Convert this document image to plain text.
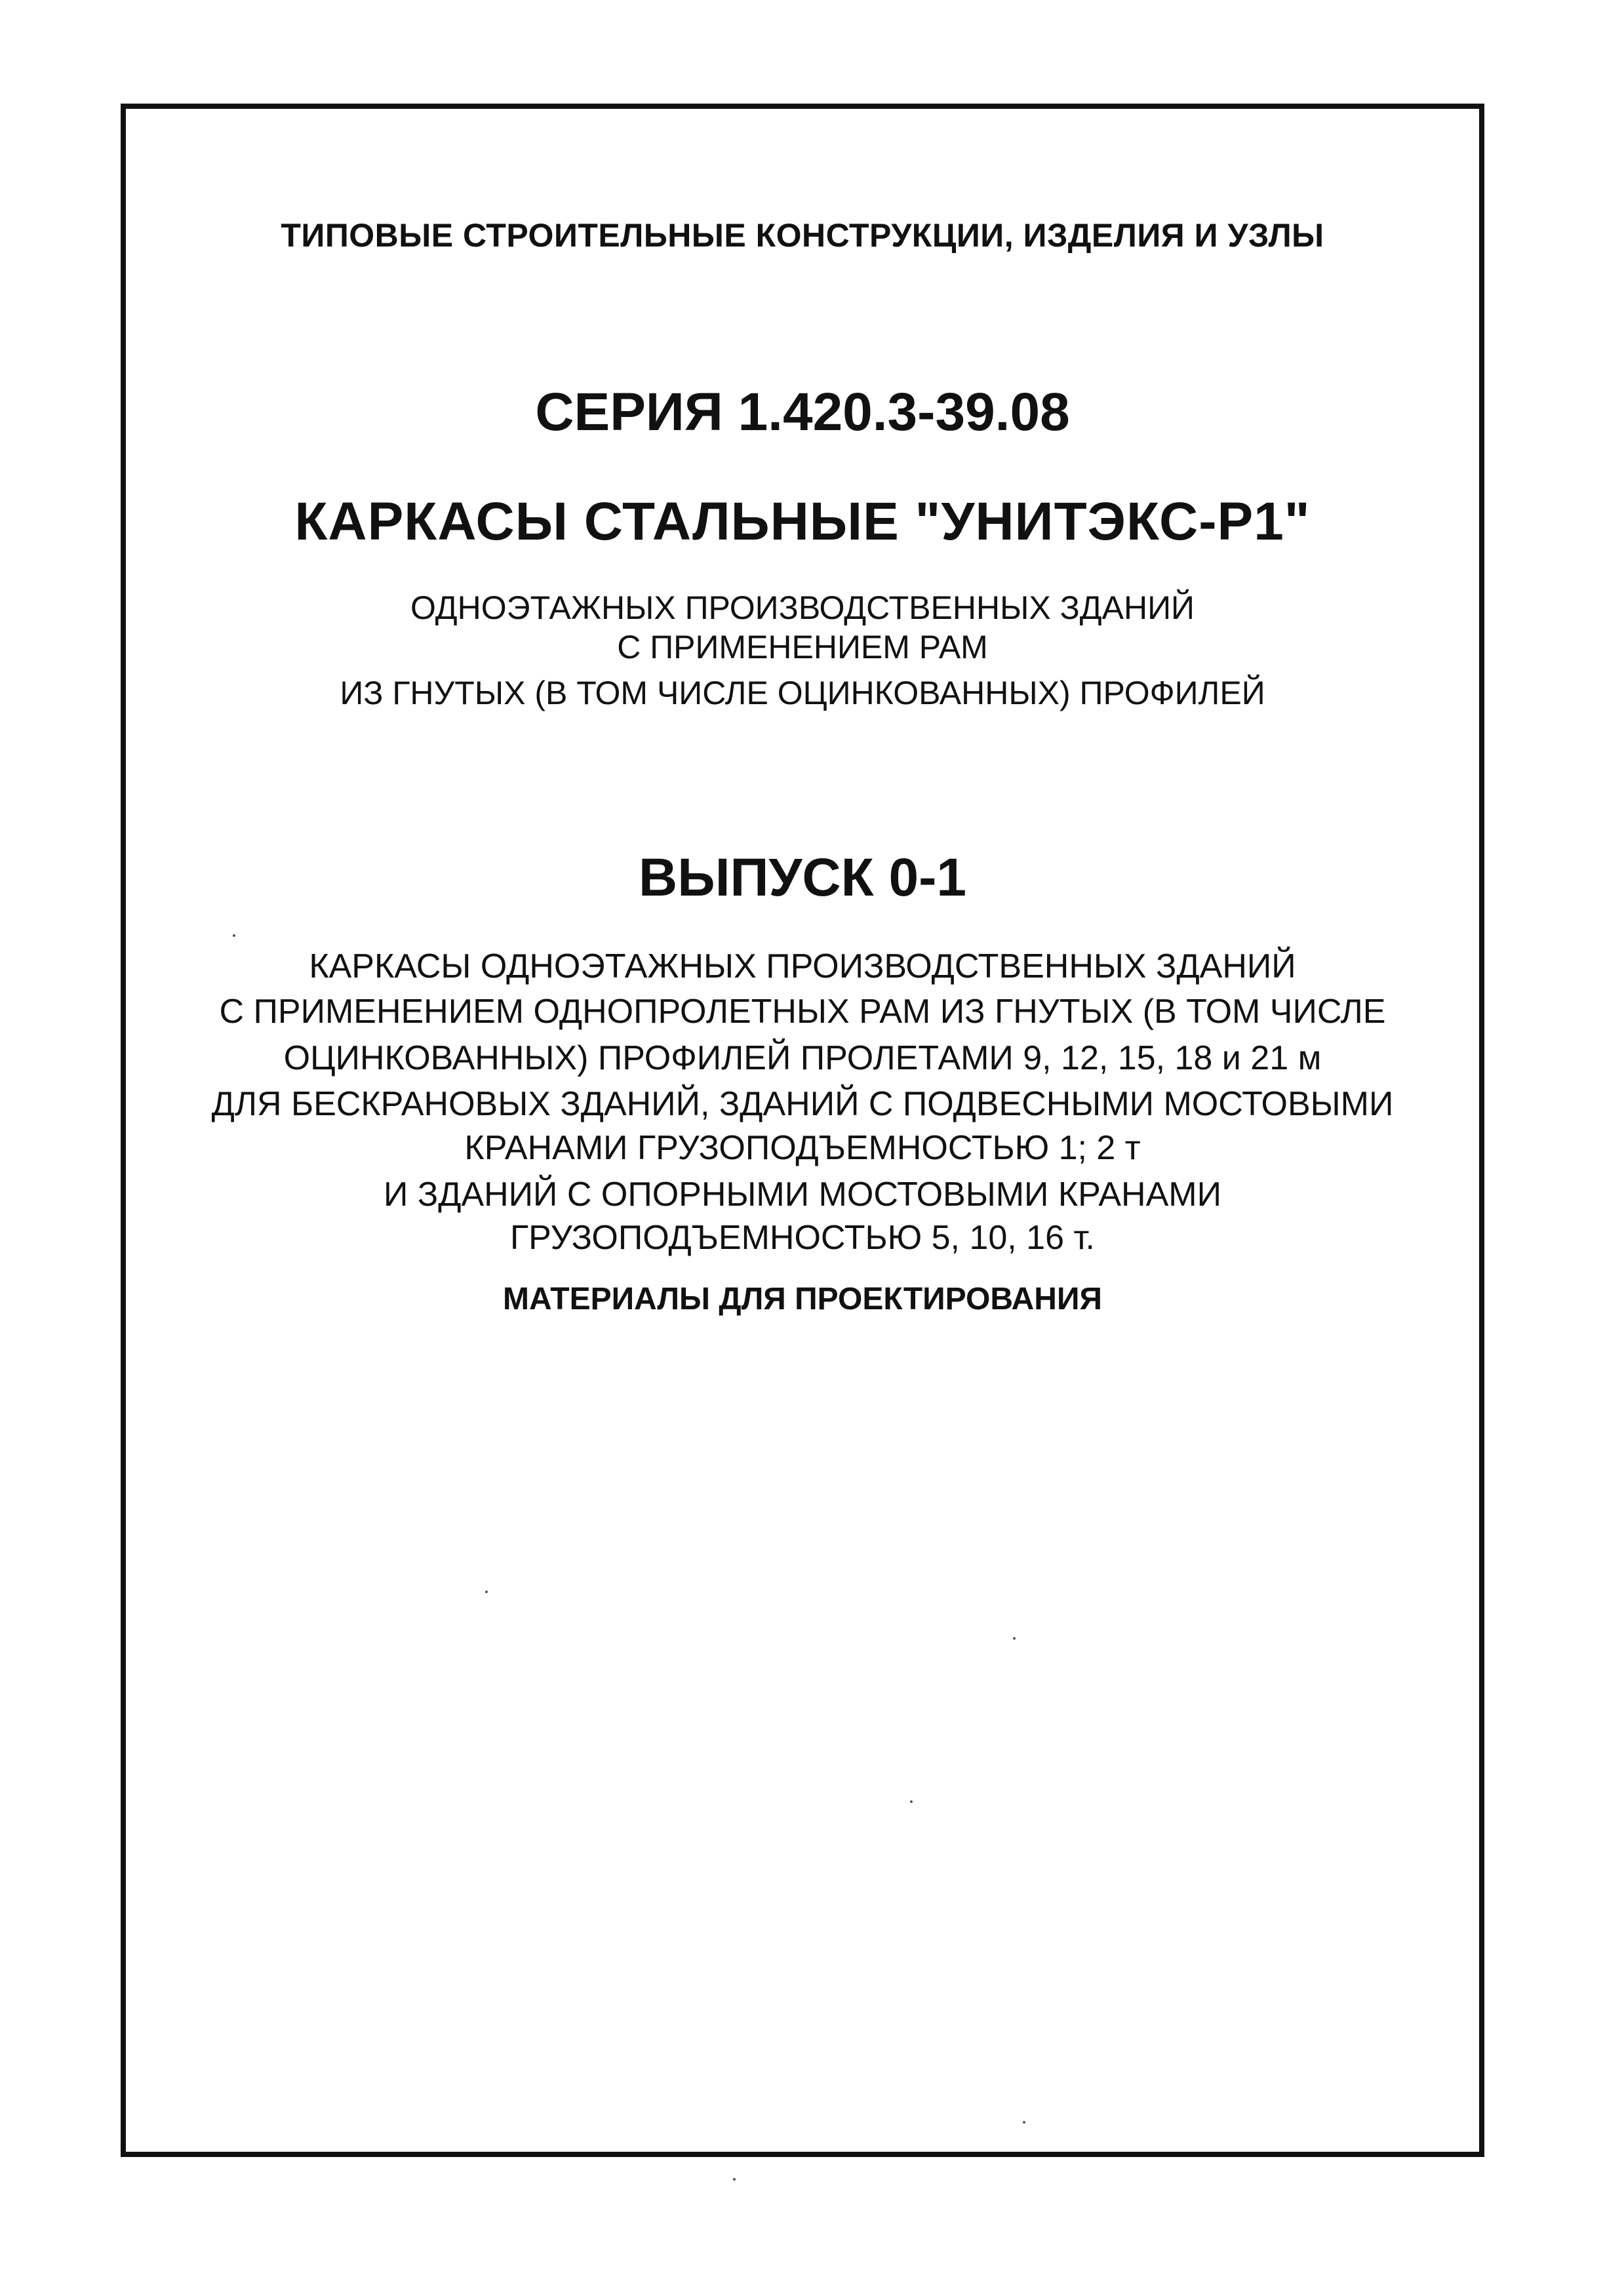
ТИПОВЫЕ СТРОИТЕЛЬНЫЕ КОНСТРУКЦИИ, ИЗДЕЛИЯ И УЗЛЫ
СЕРИЯ 1.420.3-39.08
КАРКАСЫ СТАЛЬНЫЕ "УНИТЭКС-Р1"
ОДНОЭТАЖНЫХ ПРОИЗВОДСТВЕННЫХ ЗДАНИЙ
С ПРИМЕНЕНИЕМ РАМ
ИЗ ГНУТЫХ (В ТОМ ЧИСЛЕ ОЦИНКОВАННЫХ) ПРОФИЛЕЙ
ВЫПУСК 0-1
КАРКАСЫ ОДНОЭТАЖНЫХ ПРОИЗВОДСТВЕННЫХ ЗДАНИЙ
С ПРИМЕНЕНИЕМ ОДНОПРОЛЕТНЫХ РАМ ИЗ ГНУТЫХ (В ТОМ ЧИСЛЕ
ОЦИНКОВАННЫХ) ПРОФИЛЕЙ ПРОЛЕТАМИ 9, 12, 15, 18 и 21 м
ДЛЯ БЕСКРАНОВЫХ ЗДАНИЙ, ЗДАНИЙ С ПОДВЕСНЫМИ МОСТОВЫМИ
КРАНАМИ ГРУЗОПОДЪЕМНОСТЬЮ 1; 2 т
И ЗДАНИЙ С ОПОРНЫМИ МОСТОВЫМИ КРАНАМИ
ГРУЗОПОДЪЕМНОСТЬЮ 5, 10, 16 т.
МАТЕРИАЛЫ ДЛЯ ПРОЕКТИРОВАНИЯ
